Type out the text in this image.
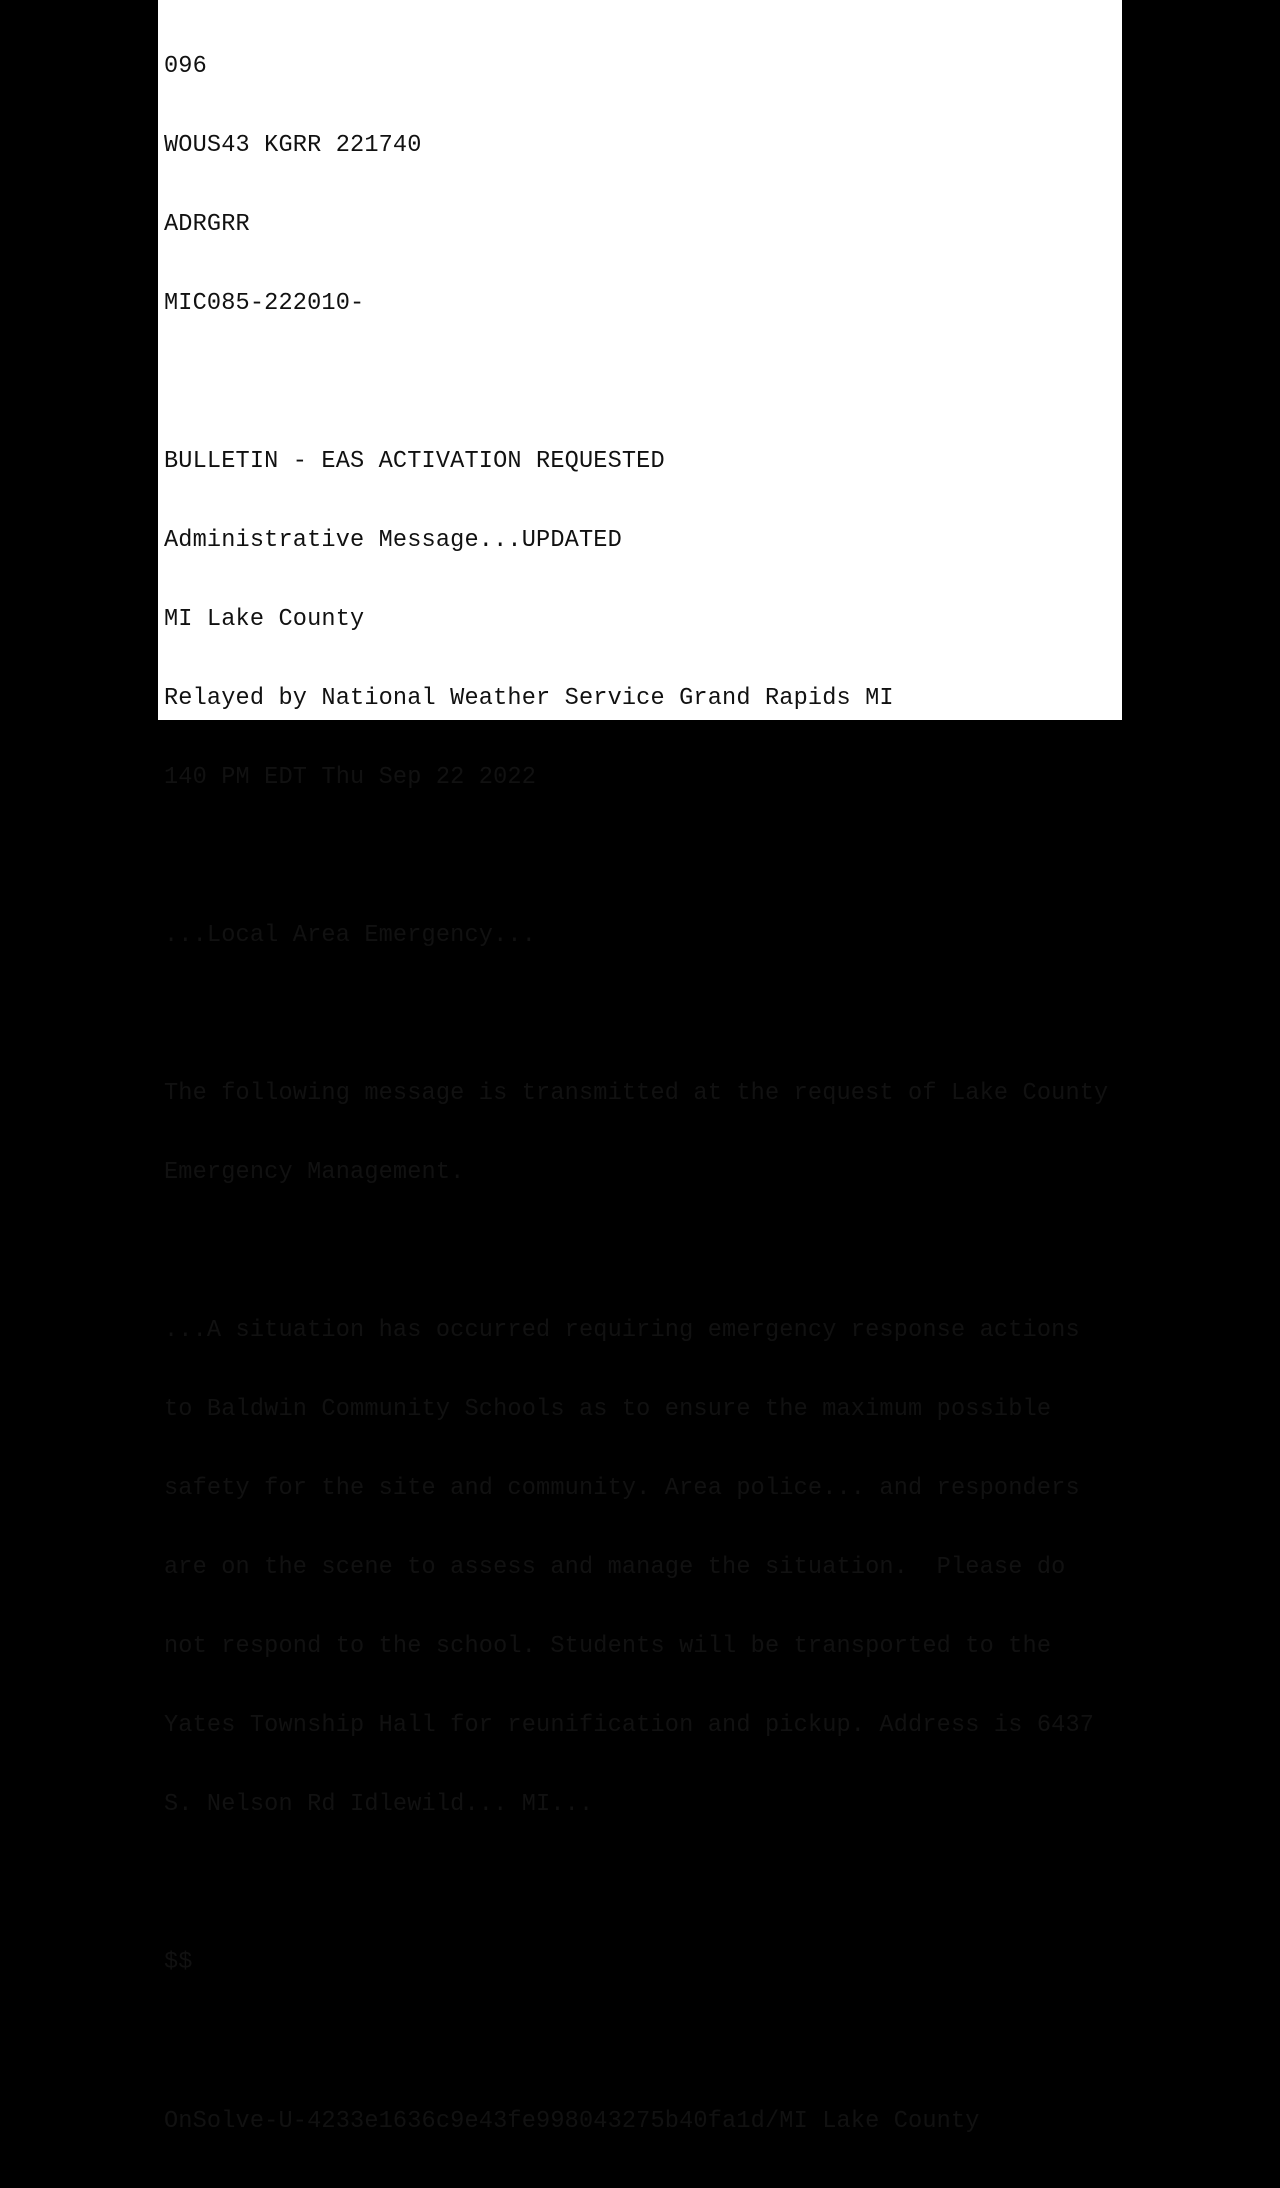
096

WOUS43 KGRR 221740

ADRGRR

MIC085-222010-

BULLETIN - EAS ACTIVATION REQUESTED

Administrative Message...UPDATED

MI Lake County

Relayed by National Weather Service Grand Rapids MI

140 PM EDT Thu Sep 22 2022

...Local Area Emergency...

The following message is transmitted at the request of Lake County

Emergency Management.

...A situation has occurred requiring emergency response actions

to Baldwin Community Schools as to ensure the maximum possible

safety for the site and community. Area police... and responders

are on the scene to assess and manage the situation.  Please do

not respond to the school. Students will be transported to the

Yates Township Hall for reunification and pickup. Address is 6437

S. Nelson Rd Idlewild... MI...

$$

OnSolve-U-4233e1636c9e43fe998043275b40fa1d/MI Lake County
